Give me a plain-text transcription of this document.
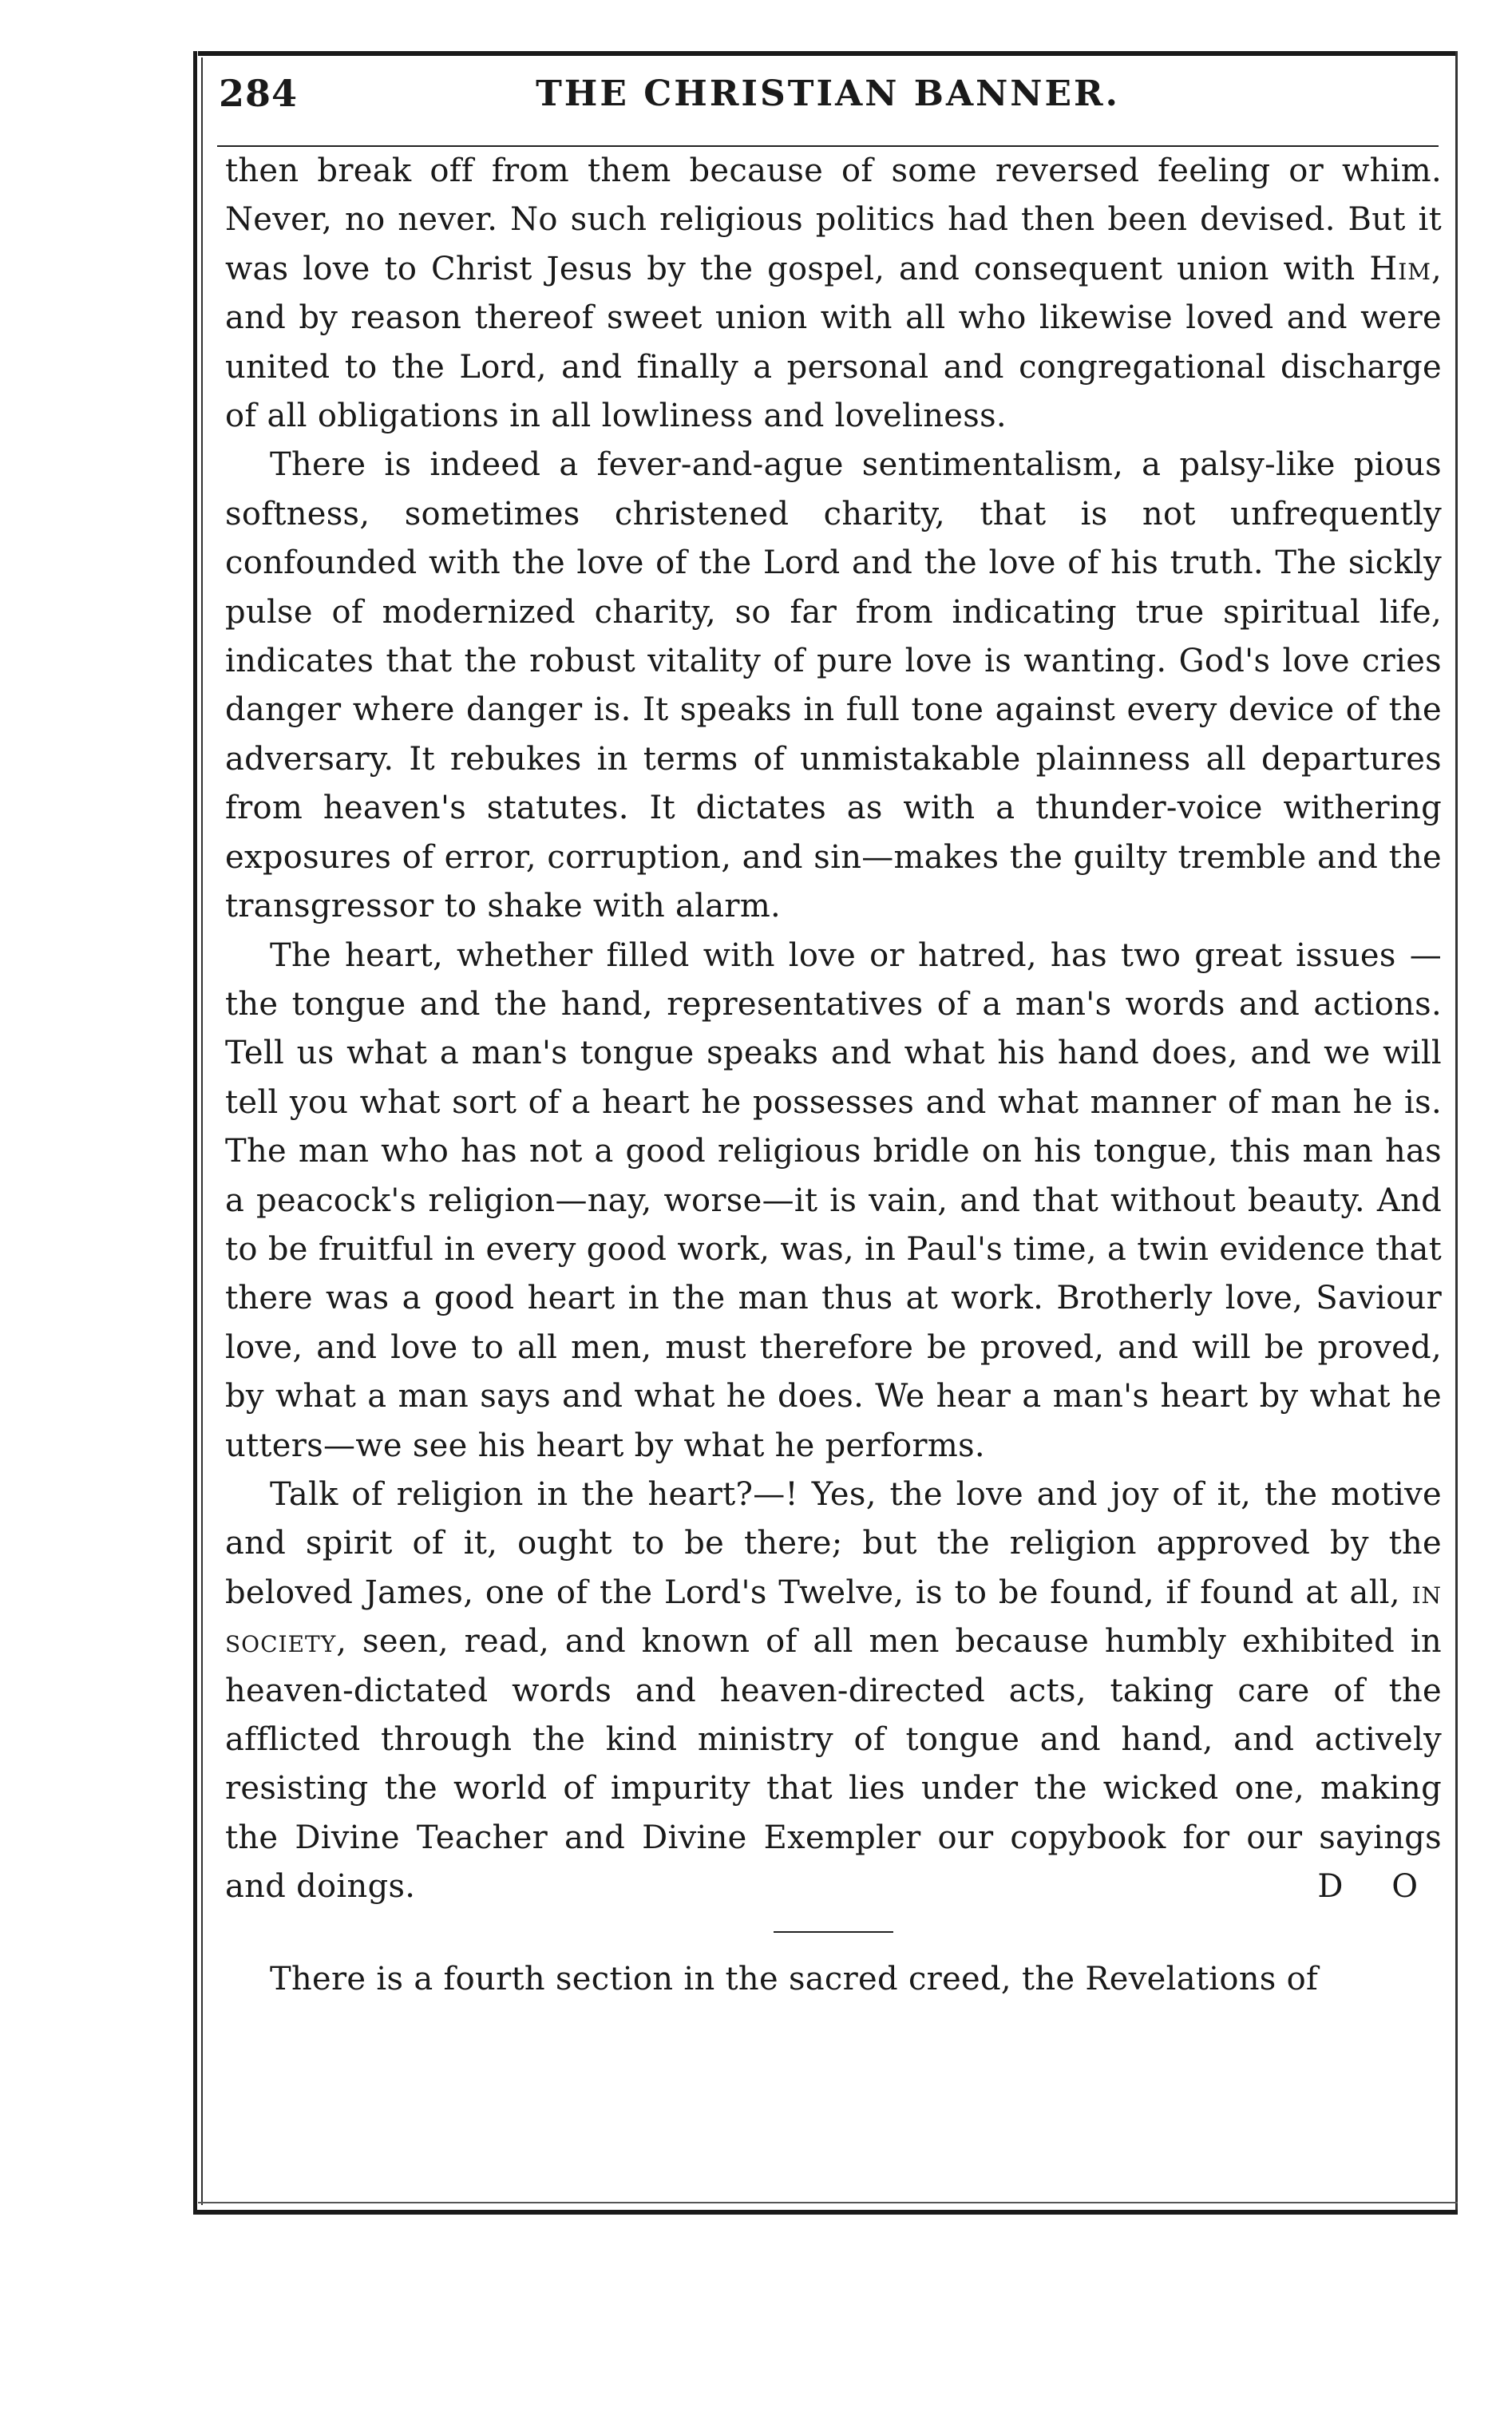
284	THE CHRISTIAN BANNER.

then break off from them because of some reversed feeling or whim. Never, no never. No such religious politics had then been devised. But it was love to Christ Jesus by the gospel, and consequent union with Him, and by reason thereof sweet union with all who likewise loved and were united to the Lord, and finally a personal and congregational discharge of all obligations in all lowliness and loveliness.

There is indeed a fever-and-ague sentimentalism, a palsy-like pious softness, sometimes christened charity, that is not unfrequently confounded with the love of the Lord and the love of his truth. The sickly pulse of modernized charity, so far from indicating true spiritual life, indicates that the robust vitality of pure love is wanting. God's love cries danger where danger is. It speaks in full tone against every device of the adversary. It rebukes in terms of unmistakable plainness all departures from heaven's statutes. It dictates as with a thunder-voice withering exposures of error, corruption, and sin—makes the guilty tremble and the transgressor to shake with alarm.

The heart, whether filled with love or hatred, has two great issues —the tongue and the hand, representatives of a man's words and actions. Tell us what a man's tongue speaks and what his hand does, and we will tell you what sort of a heart he possesses and what manner of man he is. The man who has not a good religious bridle on his tongue, this man has a peacock's religion—nay, worse—it is vain, and that without beauty. And to be fruitful in every good work, was, in Paul's time, a twin evidence that there was a good heart in the man thus at work. Brotherly love, Saviour love, and love to all men, must therefore be proved, and will be proved, by what a man says and what he does. We hear a man's heart by what he utters—we see his heart by what he performs.

Talk of religion in the heart?—! Yes, the love and joy of it, the motive and spirit of it, ought to be there; but the religion approved by the beloved James, one of the Lord's Twelve, is to be found, if found at all, in society, seen, read, and known of all men because humbly exhibited in heaven-dictated words and heaven-directed acts, taking care of the afflicted through the kind ministry of tongue and hand, and actively resisting the world of impurity that lies under the wicked one, making the Divine Teacher and Divine Exempler our copybook for our sayings and doings.	D O

There is a fourth section in the sacred creed, the Revelations of
